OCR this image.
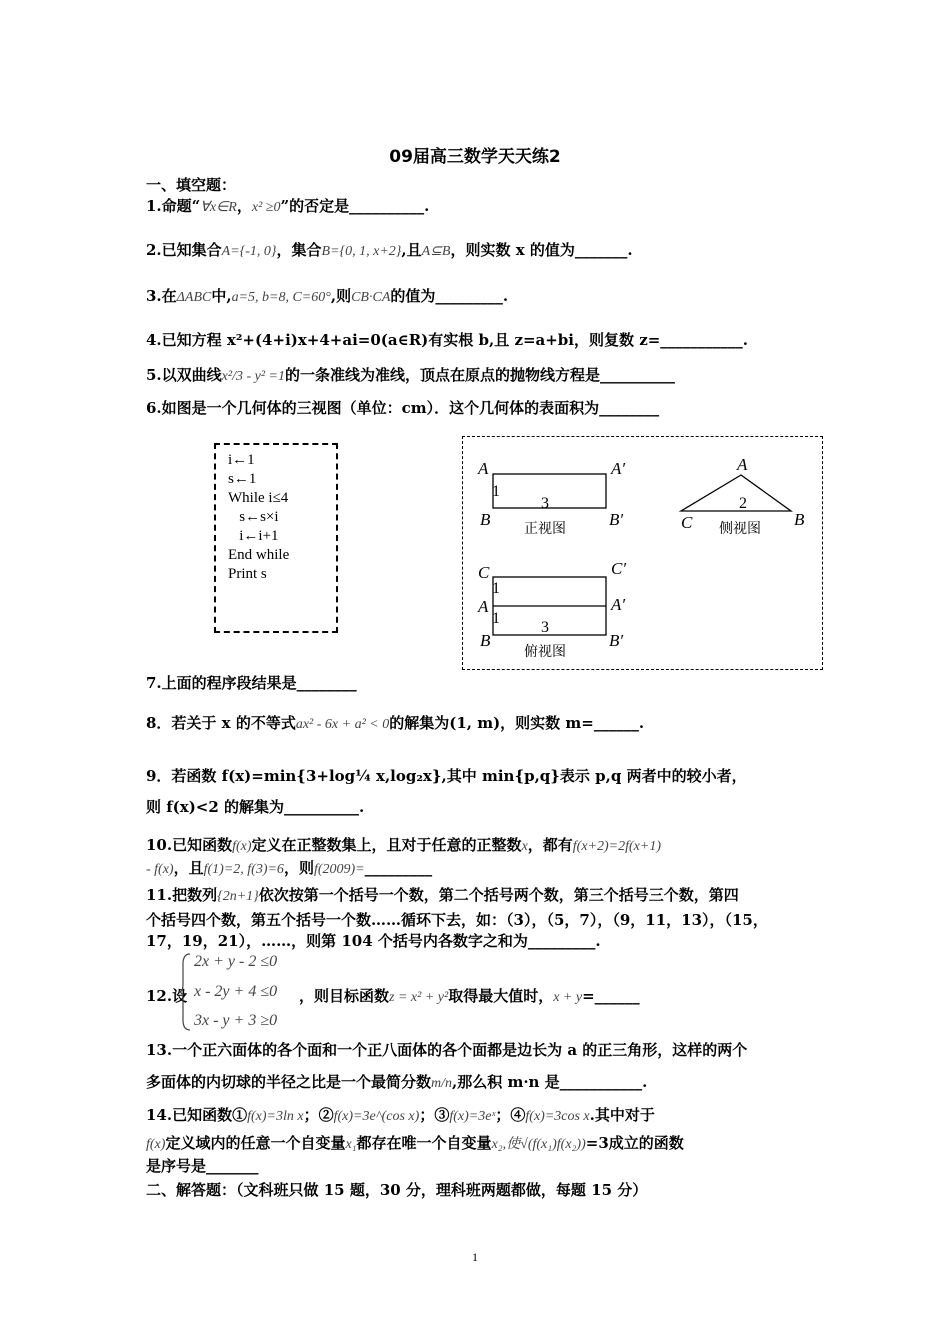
09届高三数学天天练2
一、填空题：
1.命题“∀x∈R，x² ≥0”的否定是__________.
2.已知集合A={-1, 0}，集合B={0, 1, x+2},且A⊆B，则实数 x 的值为_______.
3.在ΔABC中,a=5, b=8, C=60°,则CB·CA的值为_________.
4.已知方程 x²+(4+i)x+4+ai=0(a∈R)有实根 b,且 z=a+bi，则复数 z=___________.
5.以双曲线x²/3 - y² =1的一条准线为准线，顶点在原点的抛物线方程是__________
6.如图是一个几何体的三视图（单位：cm）．这个几何体的表面积为________
i←1
s←1
While i≤4
s←s×i
i←i+1
End while
Print s
A	A′
B	B′
1
3
正视图
A
C	B
2
侧视图
C	C′
A	A′
B	B′
1
1
3
俯视图
7.上面的程序段结果是________
8．若关于 x 的不等式ax² - 6x + a² < 0的解集为(1, m)，则实数 m=______.
9．若函数 f(x)=min{3+log¼ x,log₂x},其中 min{p,q}表示 p,q 两者中的较小者，
则 f(x)<2 的解集为__________.
10.已知函数f(x)定义在正整数集上，且对于任意的正整数x，都有f(x+2)=2f(x+1)
- f(x)，且f(1)=2, f(3)=6，则f(2009)=_________
11.把数列{2n+1}依次按第一个括号一个数，第二个括号两个数，第三个括号三个数，第四
个括号四个数，第五个括号一个数……循环下去，如：（3），（5，7），（9，11，13），（15，
17，19，21），……，则第 104 个括号内各数字之和为_________.
12.设
2x + y - 2 ≤0
x - 2y + 4 ≤0
3x - y + 3 ≥0
，则目标函数z = x² + y²取得最大值时，x + y=______
13.一个正六面体的各个面和一个正八面体的各个面都是边长为 a 的正三角形，这样的两个
多面体的内切球的半径之比是一个最简分数m/n,那么积 m·n 是___________.
14.已知函数①f(x)=3ln x；②f(x)=3e^(cos x)；③f(x)=3eˣ；④f(x)=3cos x.其中对于
f(x)定义域内的任意一个自变量x₁都存在唯一个自变量x₂,使√(f(x₁)f(x₂))=3成立的函数
是序号是_______
二、解答题：（文科班只做 15 题，30 分，理科班两题都做，每题 15 分）
1
